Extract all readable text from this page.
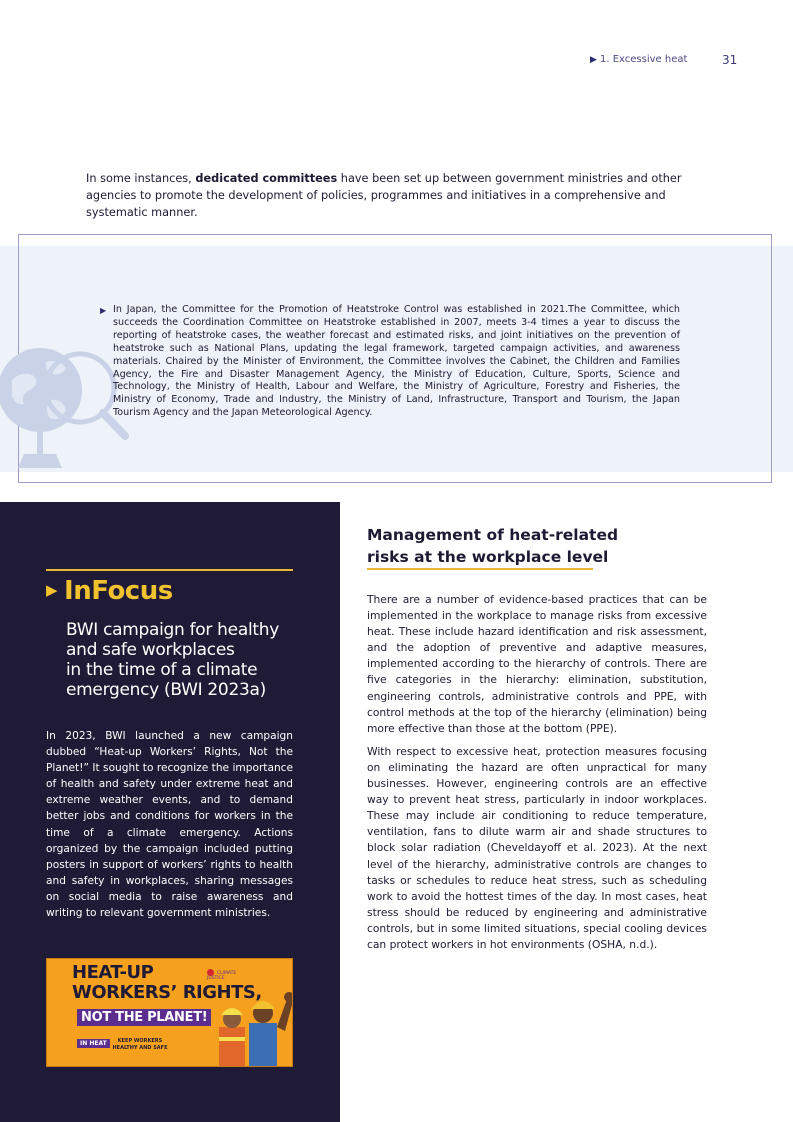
▶ 1. Excessive heat	31

In some instances, dedicated committees have been set up between government ministries and other agencies to promote the development of policies, programmes and initiatives in a comprehensive and systematic manner.

▶ In Japan, the Committee for the Promotion of Heatstroke Control was established in 2021.The Committee, which succeeds the Coordination Committee on Heatstroke established in 2007, meets 3-4 times a year to discuss the reporting of heatstroke cases, the weather forecast and estimated risks, and joint initiatives on the prevention of heatstroke such as National Plans, updating the legal framework, targeted campaign activities, and awareness materials. Chaired by the Minister of Environment, the Committee involves the Cabinet, the Children and Families Agency, the Fire and Disaster Management Agency, the Ministry of Education, Culture, Sports, Science and Technology, the Ministry of Health, Labour and Welfare, the Ministry of Agriculture, Forestry and Fisheries, the Ministry of Economy, Trade and Industry, the Ministry of Land, Infrastructure, Transport and Tourism, the Japan Tourism Agency and the Japan Meteorological Agency.
▶ InFocus
BWI campaign for healthy
and safe workplaces
in the time of a climate
emergency (BWI 2023a)

In 2023, BWI launched a new campaign dubbed “Heat-up Workers’ Rights, Not the Planet!” It sought to recognize the importance of health and safety under extreme heat and extreme weather events, and to demand better jobs and conditions for workers in the time of a climate emergency. Actions organized by the campaign included putting posters in support of workers’ rights to health and safety in workplaces, sharing messages on social media to raise awareness and writing to relevant government ministries.

HEAT-UP
WORKERS’ RIGHTS,
NOT THE PLANET!
IN HEAT	KEEP WORKERS HEALTHY AND SAFE
CLIMATE JUSTICE
Management of heat-related
risks at the workplace level

There are a number of evidence-based practices that can be implemented in the workplace to manage risks from excessive heat. These include hazard identification and risk assessment, and the adoption of preventive and adaptive measures, implemented according to the hierarchy of controls. There are five categories in the hierarchy: elimination, substitution, engineering controls, administrative controls and PPE, with control methods at the top of the hierarchy (elimination) being more effective than those at the bottom (PPE).

With respect to excessive heat, protection measures focusing on eliminating the hazard are often unpractical for many businesses. However, engineering controls are an effective way to prevent heat stress, particularly in indoor workplaces. These may include air conditioning to reduce temperature, ventilation, fans to dilute warm air and shade structures to block solar radiation (Cheveldayoff et al. 2023). At the next level of the hierarchy, administrative controls are changes to tasks or schedules to reduce heat stress, such as scheduling work to avoid the hottest times of the day. In most cases, heat stress should be reduced by engineering and administrative controls, but in some limited situations, special cooling devices can protect workers in hot environments (OSHA, n.d.).
